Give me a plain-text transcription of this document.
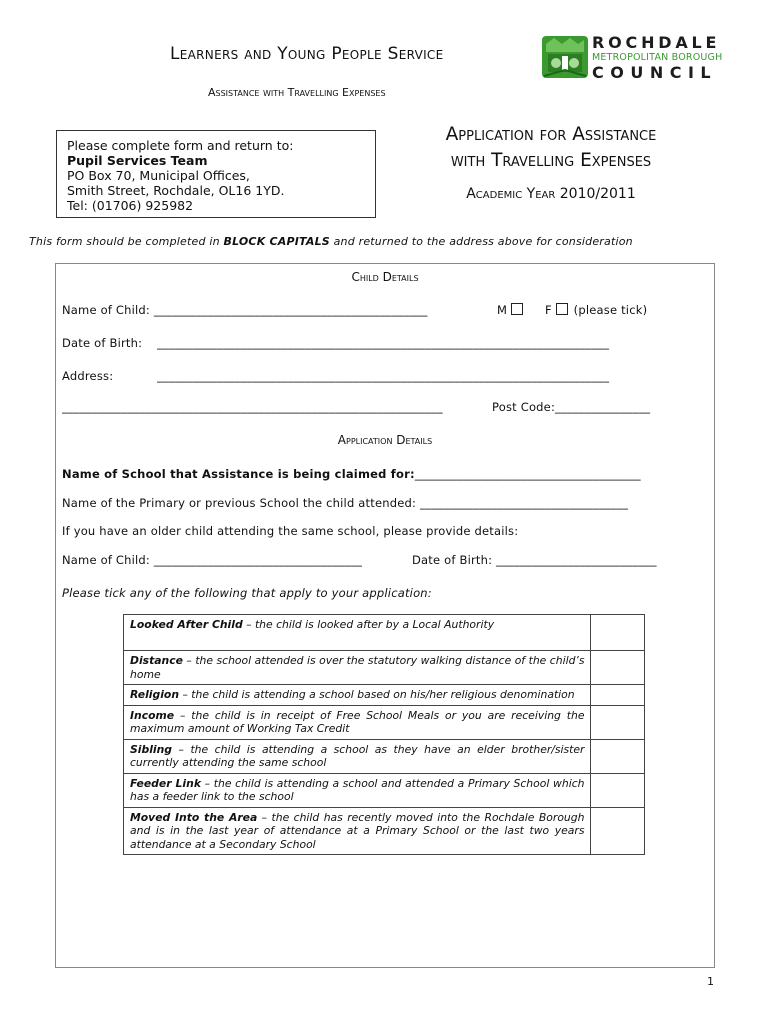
Learners and Young People Service
Assistance with Travelling Expenses
ROCHDALE
METROPOLITAN BOROUGH
COUNCIL
Please complete form and return to:
Pupil Services Team
PO Box 70, Municipal Offices,
Smith Street, Rochdale, OL16 1YD.
Tel: (01706) 925982
Application for Assistance
with Travelling Expenses
Academic Year 2010/2011
This form should be completed in BLOCK CAPITALS and returned to the address above for consideration
Child Details
Name of Child: ______________________________________________	M	F (please tick)
Date of Birth: ____________________________________________________________________________
Address:	____________________________________________________________________________
________________________________________________________________	Post Code:________________
Application Details
Name of School that Assistance is being claimed for:______________________________________
Name of the Primary or previous School the child attended: ___________________________________
If you have an older child attending the same school, please provide details:
Name of Child: ___________________________________	Date of Birth: ___________________________
Please tick any of the following that apply to your application:
Looked After Child – the child is looked after by a Local Authority	
Distance – the school attended is over the statutory walking distance of the child’s home	
Religion – the child is attending a school based on his/her religious denomination	
Income – the child is in receipt of Free School Meals or you are receiving the maximum amount of Working Tax Credit	
Sibling – the child is attending a school as they have an elder brother/sister currently attending the same school	
Feeder Link – the child is attending a school and attended a Primary School which has a feeder link to the school	
Moved Into the Area – the child has recently moved into the Rochdale Borough and is in the last year of attendance at a Primary School or the last two years attendance at a Secondary School	
1
